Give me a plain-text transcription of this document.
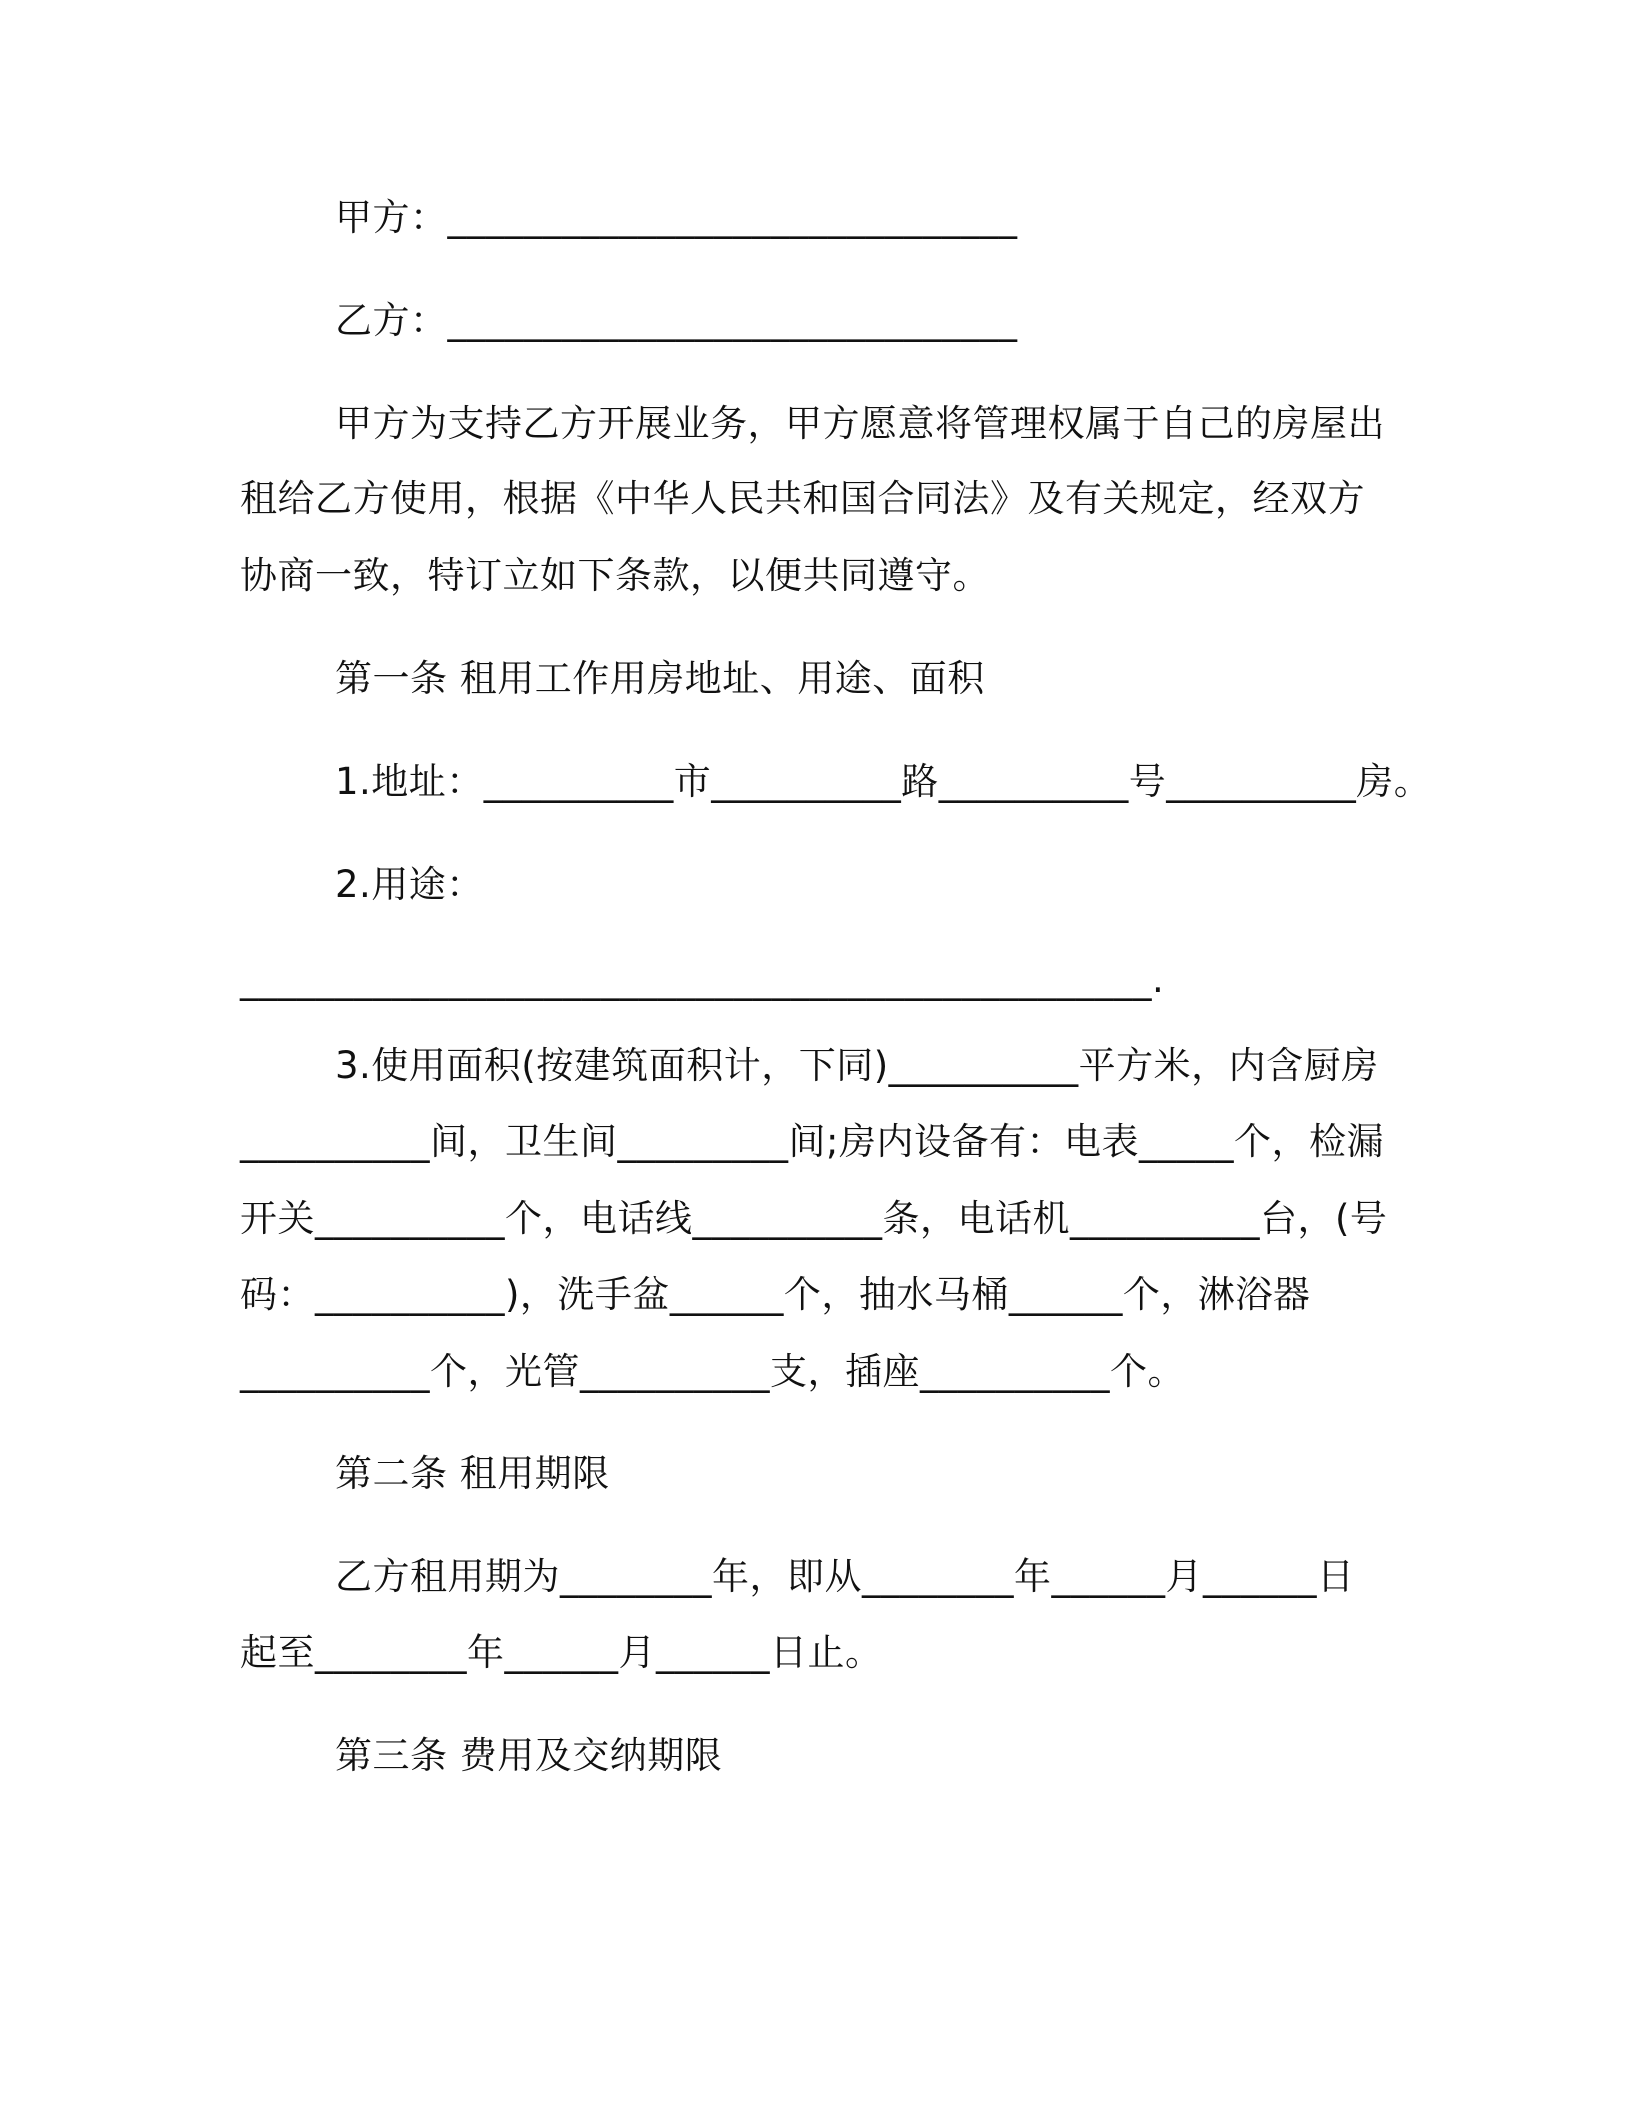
甲方：______________________________

乙方：______________________________

甲方为支持乙方开展业务，甲方愿意将管理权属于自己的房屋出

租给乙方使用，根据《中华人民共和国合同法》及有关规定，经双方

协商一致，特订立如下条款，以便共同遵守。

第一条 租用工作用房地址、用途、面积

1.地址：__________市__________路__________号__________房。

2.用途：

________________________________________________.

3.使用面积(按建筑面积计，下同)__________平方米，内含厨房

__________间，卫生间_________间;房内设备有：电表_____个，检漏

开关__________个，电话线__________条，电话机__________台，(号

码：__________)，洗手盆______个，抽水马桶______个，淋浴器

__________个，光管__________支，插座__________个。

第二条 租用期限

乙方租用期为________年，即从________年______月______日

起至________年______月______日止。

第三条 费用及交纳期限
